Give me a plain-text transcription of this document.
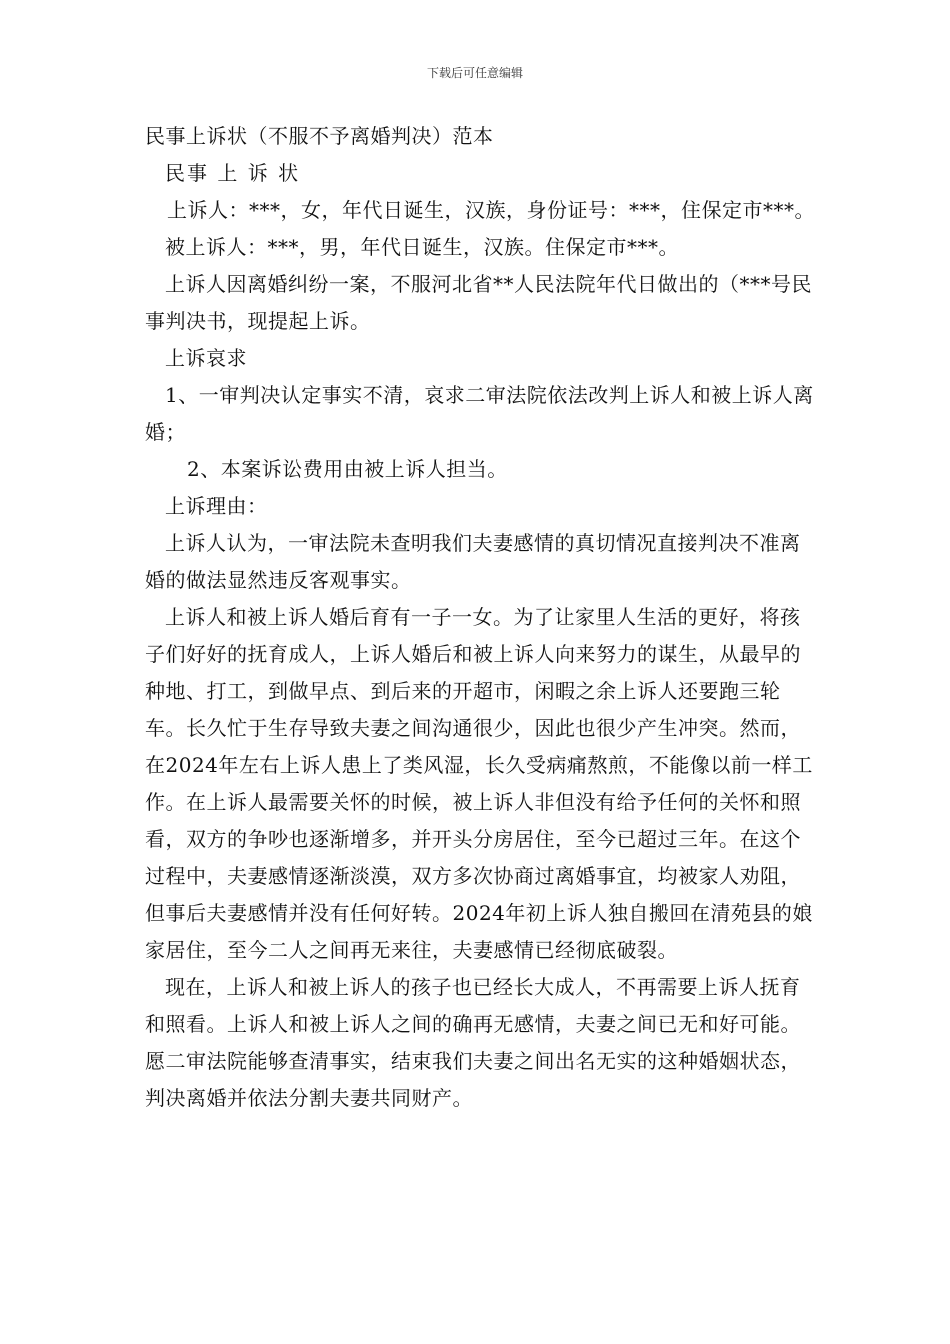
下载后可任意编辑

民事上诉状（不服不予离婚判决）范本

民事 上 诉 状

上诉人：***，女，年代日诞生，汉族，身份证号：***，住保定市***。

被上诉人：***，男，年代日诞生，汉族。住保定市***。

上诉人因离婚纠纷一案，不服河北省**人民法院年代日做出的（***号民事判决书，现提起上诉。

上诉哀求

1、一审判决认定事实不清，哀求二审法院依法改判上诉人和被上诉人离婚；

2、本案诉讼费用由被上诉人担当。

上诉理由：

上诉人认为，一审法院未查明我们夫妻感情的真切情况直接判决不准离婚的做法显然违反客观事实。

上诉人和被上诉人婚后育有一子一女。为了让家里人生活的更好，将孩子们好好的抚育成人，上诉人婚后和被上诉人向来努力的谋生，从最早的种地、打工，到做早点、到后来的开超市，闲暇之余上诉人还要跑三轮车。长久忙于生存导致夫妻之间沟通很少，因此也很少产生冲突。然而，在2024年左右上诉人患上了类风湿，长久受病痛熬煎，不能像以前一样工作。在上诉人最需要关怀的时候，被上诉人非但没有给予任何的关怀和照看，双方的争吵也逐渐增多，并开头分房居住，至今已超过三年。在这个过程中，夫妻感情逐渐淡漠，双方多次协商过离婚事宜，均被家人劝阻，但事后夫妻感情并没有任何好转。2024年初上诉人独自搬回在清苑县的娘家居住，至今二人之间再无来往，夫妻感情已经彻底破裂。

现在，上诉人和被上诉人的孩子也已经长大成人，不再需要上诉人抚育和照看。上诉人和被上诉人之间的确再无感情，夫妻之间已无和好可能。愿二审法院能够查清事实，结束我们夫妻之间出名无实的这种婚姻状态，判决离婚并依法分割夫妻共同财产。
